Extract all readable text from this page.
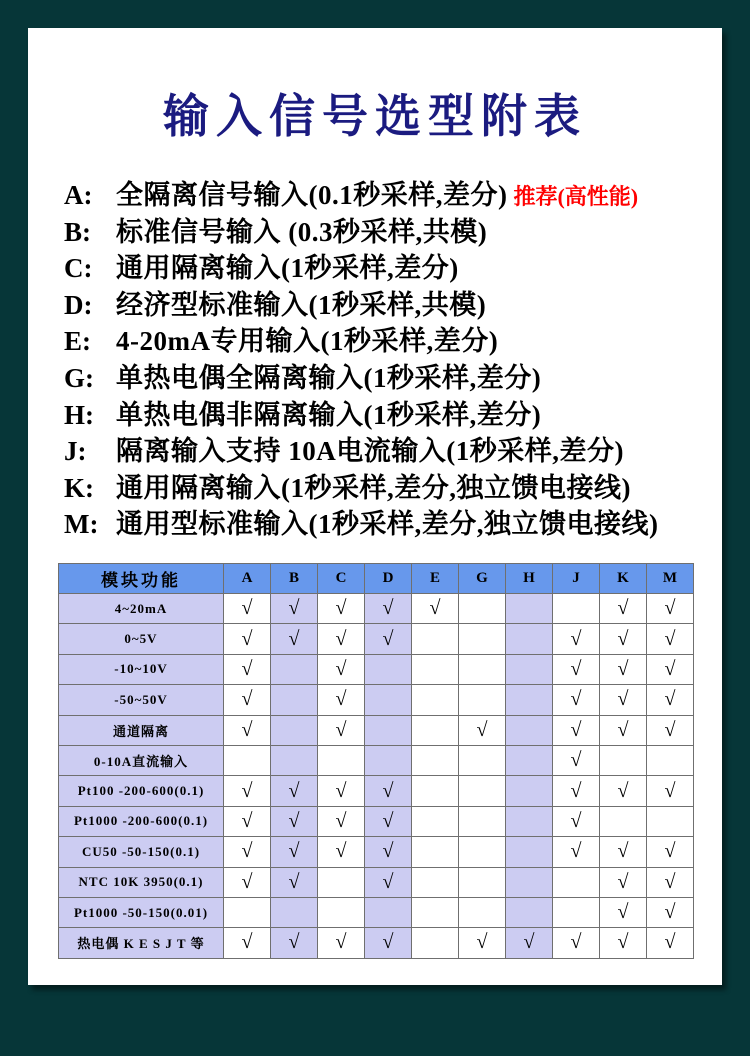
输入信号选型附表
A: 全隔离信号输入(0.1秒采样,差分) 推荐(高性能)
B: 标准信号输入 (0.3秒采样,共模)
C: 通用隔离输入(1秒采样,差分)
D: 经济型标准输入(1秒采样,共模)
E: 4-20mA专用输入(1秒采样,差分)
G: 单热电偶全隔离输入(1秒采样,差分)
H: 单热电偶非隔离输入(1秒采样,差分)
J:	隔离输入支持 10A电流输入(1秒采样,差分)
K: 通用隔离输入(1秒采样,差分,独立馈电接线)
M: 通用型标准输入(1秒采样,差分,独立馈电接线)
模块功能	A	B	C	D	E	G	H	J	K	M
4~20mA	√	√	√	√	√				√	√
0~5V	√	√	√	√				√	√	√
-10~10V	√		√					√	√	√
-50~50V	√		√					√	√	√
通道隔离	√		√			√		√	√	√
0-10A直流输入								√		
Pt100 -200-600(0.1)	√	√	√	√				√	√	√
Pt1000 -200-600(0.1)	√	√	√	√				√		
CU50 -50-150(0.1)	√	√	√	√				√	√	√
NTC 10K 3950(0.1)	√	√		√					√	√
Pt1000 -50-150(0.01)									√	√
热电偶 K E S J T 等	√	√	√	√		√	√	√	√	√
